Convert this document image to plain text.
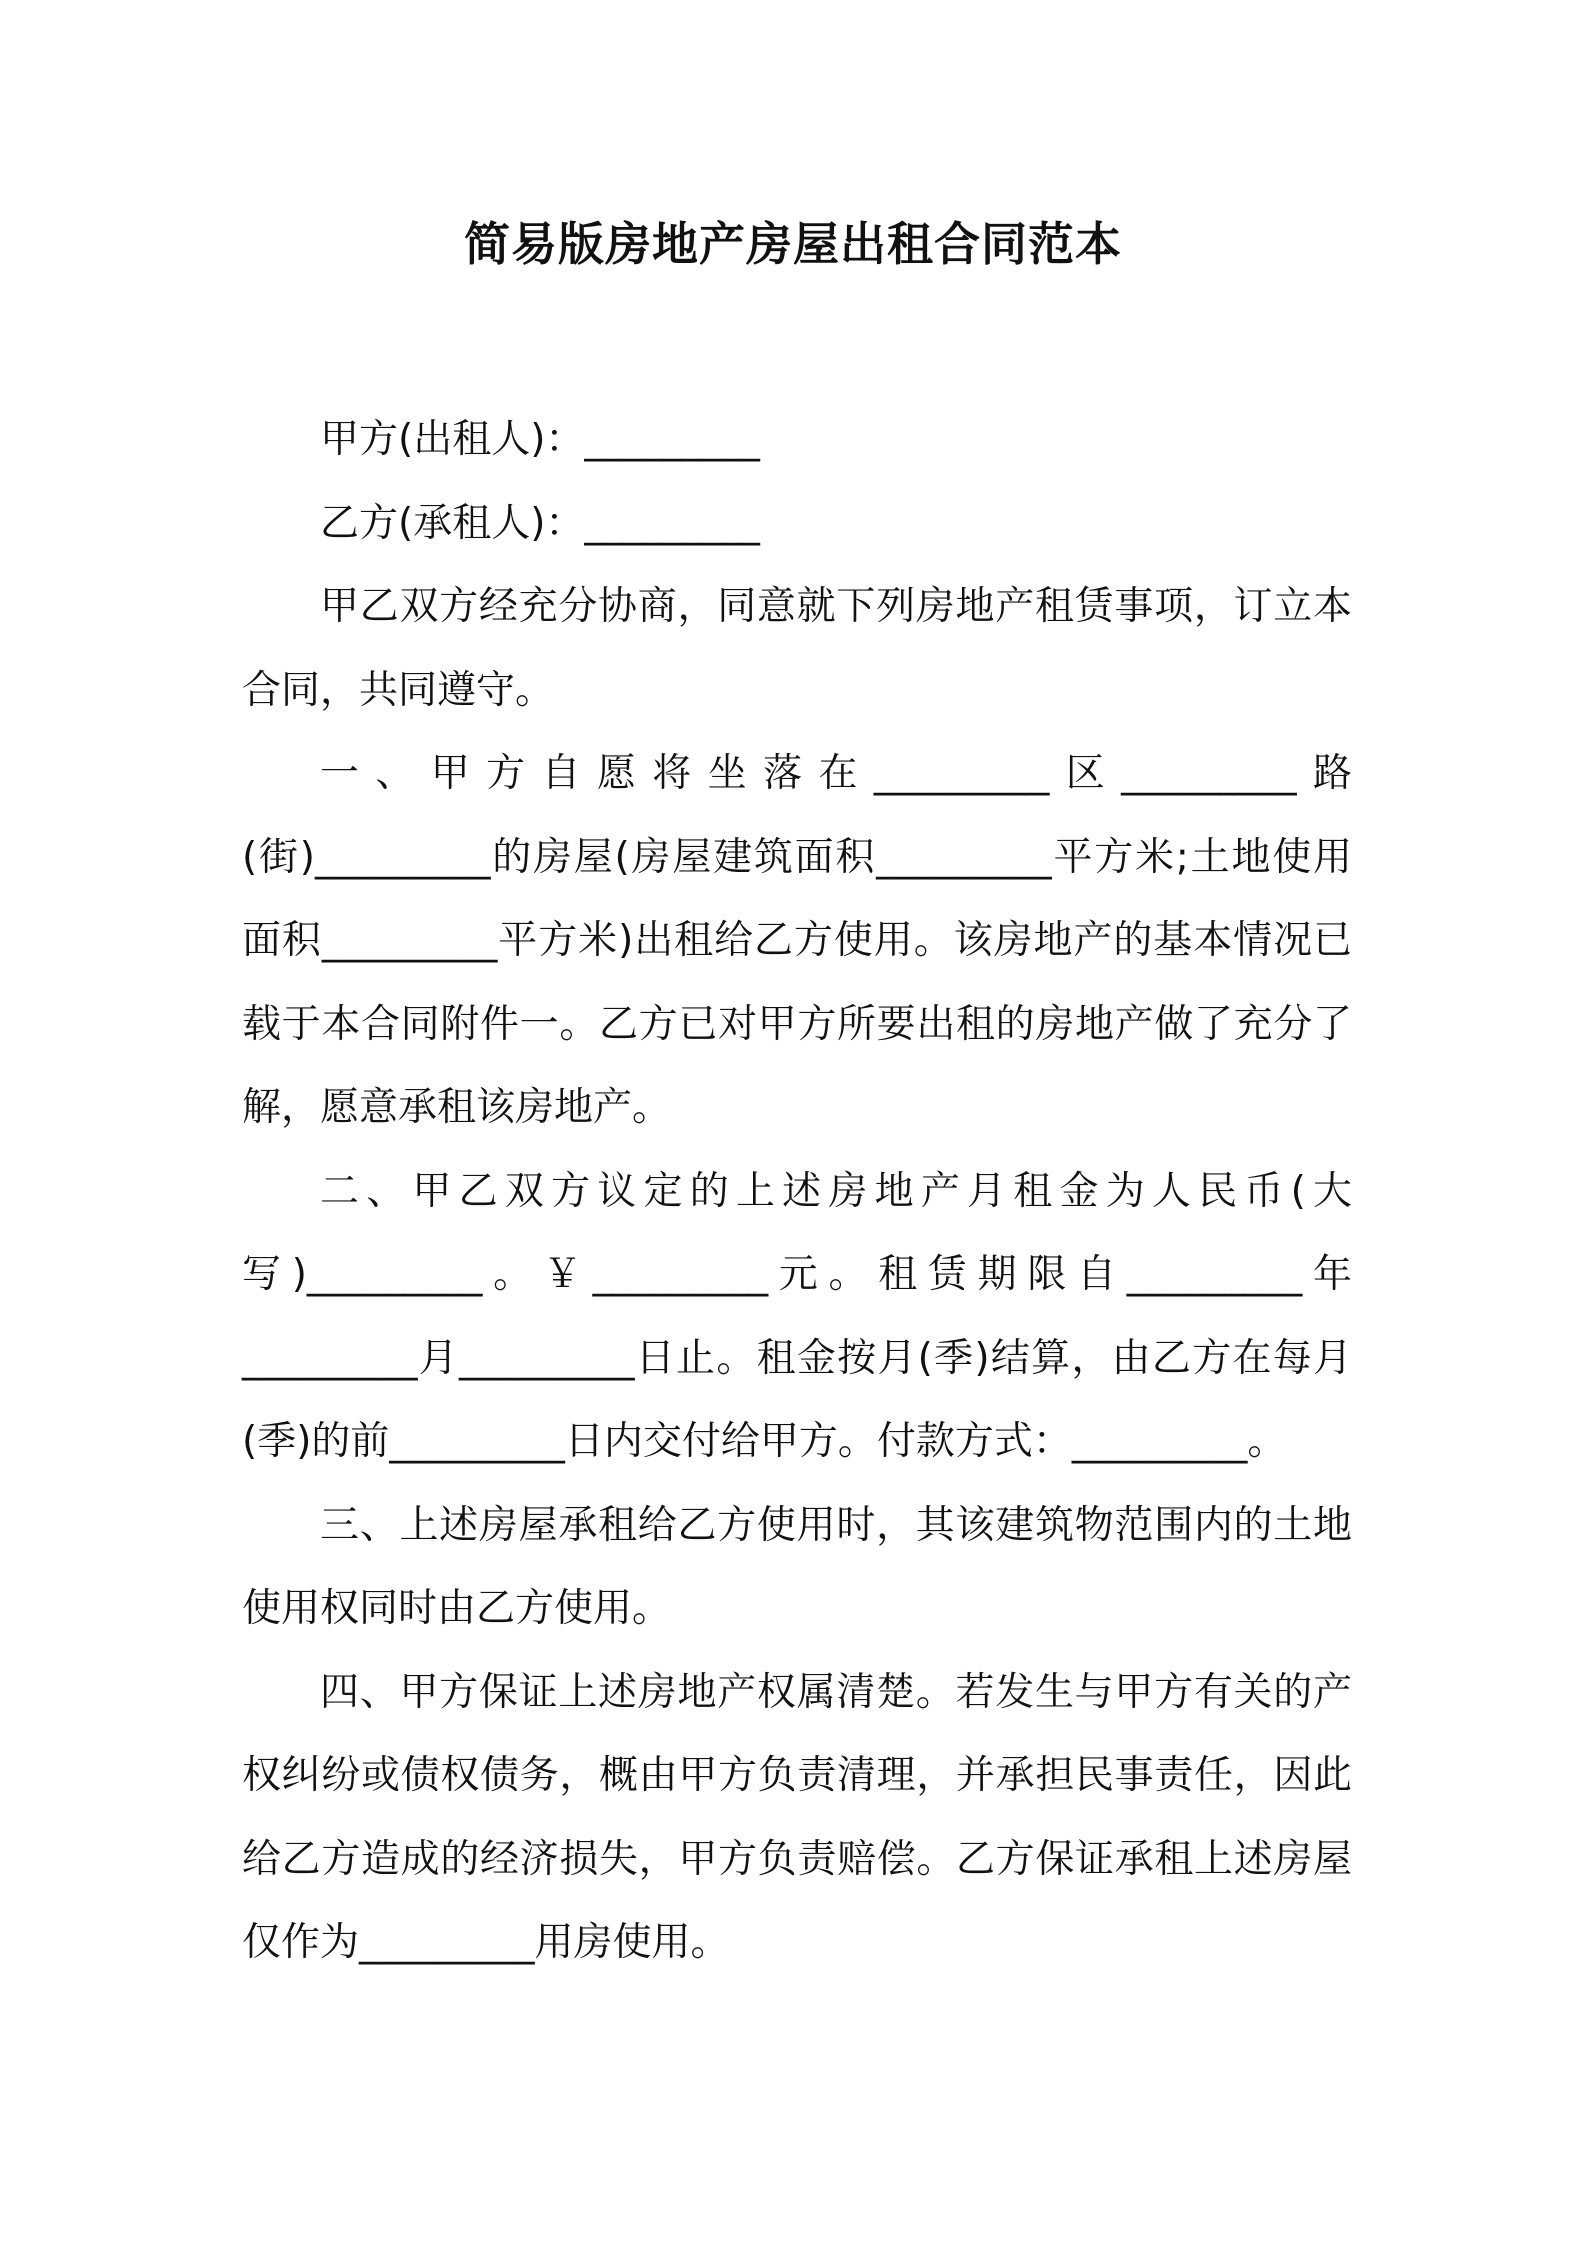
简易版房地产房屋出租合同范本

甲方(出租人)：_________

乙方(承租人)：_________

甲乙双方经充分协商，同意就下列房地产租赁事项，订立本合同，共同遵守。

一、甲方自愿将坐落在_________区_________路(街)_________的房屋(房屋建筑面积_________平方米;土地使用面积_________平方米)出租给乙方使用。该房地产的基本情况已载于本合同附件一。乙方已对甲方所要出租的房地产做了充分了解，愿意承租该房地产。

二、甲乙双方议定的上述房地产月租金为人民币(大写)_________。￥_________元。租赁期限自_________年_________月_________日止。租金按月(季)结算，由乙方在每月(季)的前_________日内交付给甲方。付款方式：_________。

三、上述房屋承租给乙方使用时，其该建筑物范围内的土地使用权同时由乙方使用。

四、甲方保证上述房地产权属清楚。若发生与甲方有关的产权纠纷或债权债务，概由甲方负责清理，并承担民事责任，因此给乙方造成的经济损失，甲方负责赔偿。乙方保证承租上述房屋仅作为_________用房使用。
